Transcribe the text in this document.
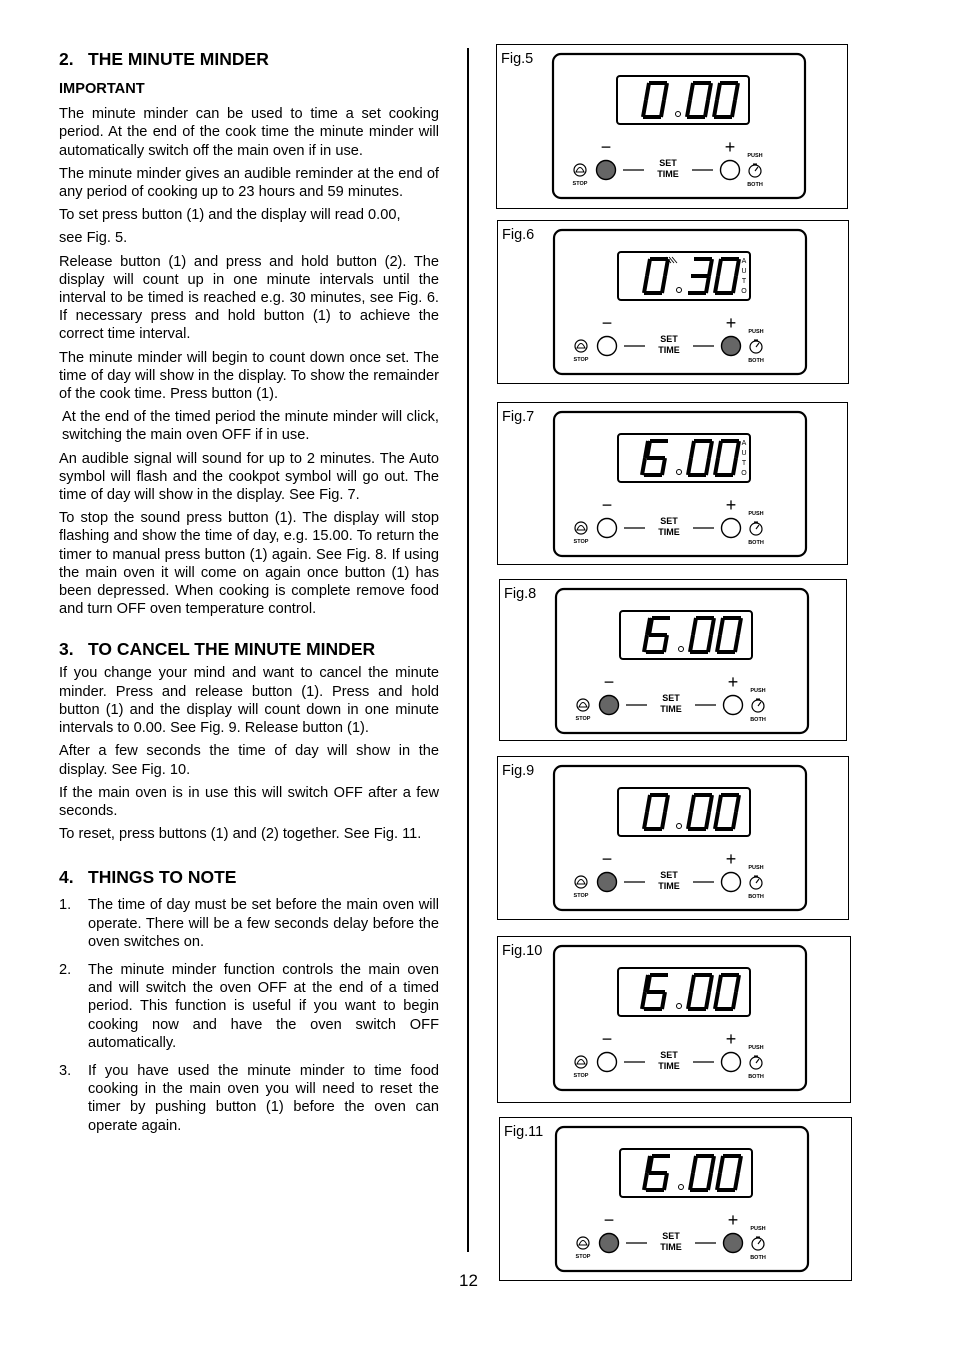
2. THE MINUTE MINDER
IMPORTANT

The minute minder can be used to time a set cooking period. At the end of the cook time the minute minder will automatically switch off the main oven if in use.

The minute minder gives an audible reminder at the end of any period of cooking up to 23 hours and 59 minutes.

To set press button (1) and the display will read 0.00,

see Fig. 5.

Release button (1) and press and hold button (2). The display will count up in one minute intervals until the interval to be timed is reached e.g. 30 minutes, see Fig. 6. If necessary press and hold button (1) to achieve the correct time interval.

The minute minder will begin to count down once set. The time of day will show in the display. To show the remainder of the cook time. Press button (1).

At the end of the timed period the minute minder will click, switching the main oven OFF if in use.

An audible signal will sound for up to 2 minutes. The Auto symbol will flash and the cookpot symbol will go out. The time of day will show in the display. See Fig. 7.

To stop the sound press button (1). The display will stop flashing and show the time of day, e.g. 15.00. To return the timer to manual press button (1) again. See Fig. 8. If using the main oven it will come on again once button (1) has been depressed. When cooking is complete remove food and turn OFF oven temperature control.

3. TO CANCEL THE MINUTE MINDER

If you change your mind and want to cancel the minute minder. Press and release button (1). Press and hold button (1) and the display will count down in one minute intervals to 0.00. See Fig. 9. Release button (1).

After a few seconds the time of day will show in the display. See Fig. 10.

If the main oven is in use this will switch OFF after a few seconds.

To reset, press buttons (1) and (2) together. See Fig. 11.

4. THINGS TO NOTE
1. The time of day must be set before the main oven will operate. There will be a few seconds delay before the oven switches on.
2. The minute minder function controls the main oven and will switch the oven OFF at the end of a timed period. This function is useful if you want to begin cooking now and have the oven switch OFF automatically.
3. If you have used the minute minder to time food cooking in the main oven you will need to reset the timer by pushing button (1) before the oven can operate again.
12
Fig.5
STOP
−	+
SET
TIME
PUSH
BOTH
Fig.6
A
U
T
O
STOP
−	+
SET
TIME
PUSH
BOTH
Fig.7
A
U
T
O
STOP
−	+
SET
TIME
PUSH
BOTH
Fig.8
STOP
−	+
SET
TIME
PUSH
BOTH
Fig.9
STOP
−	+
SET
TIME
PUSH
BOTH
Fig.10
STOP
−	+
SET
TIME
PUSH
BOTH
Fig.11
STOP
−	+
SET
TIME
PUSH
BOTH
